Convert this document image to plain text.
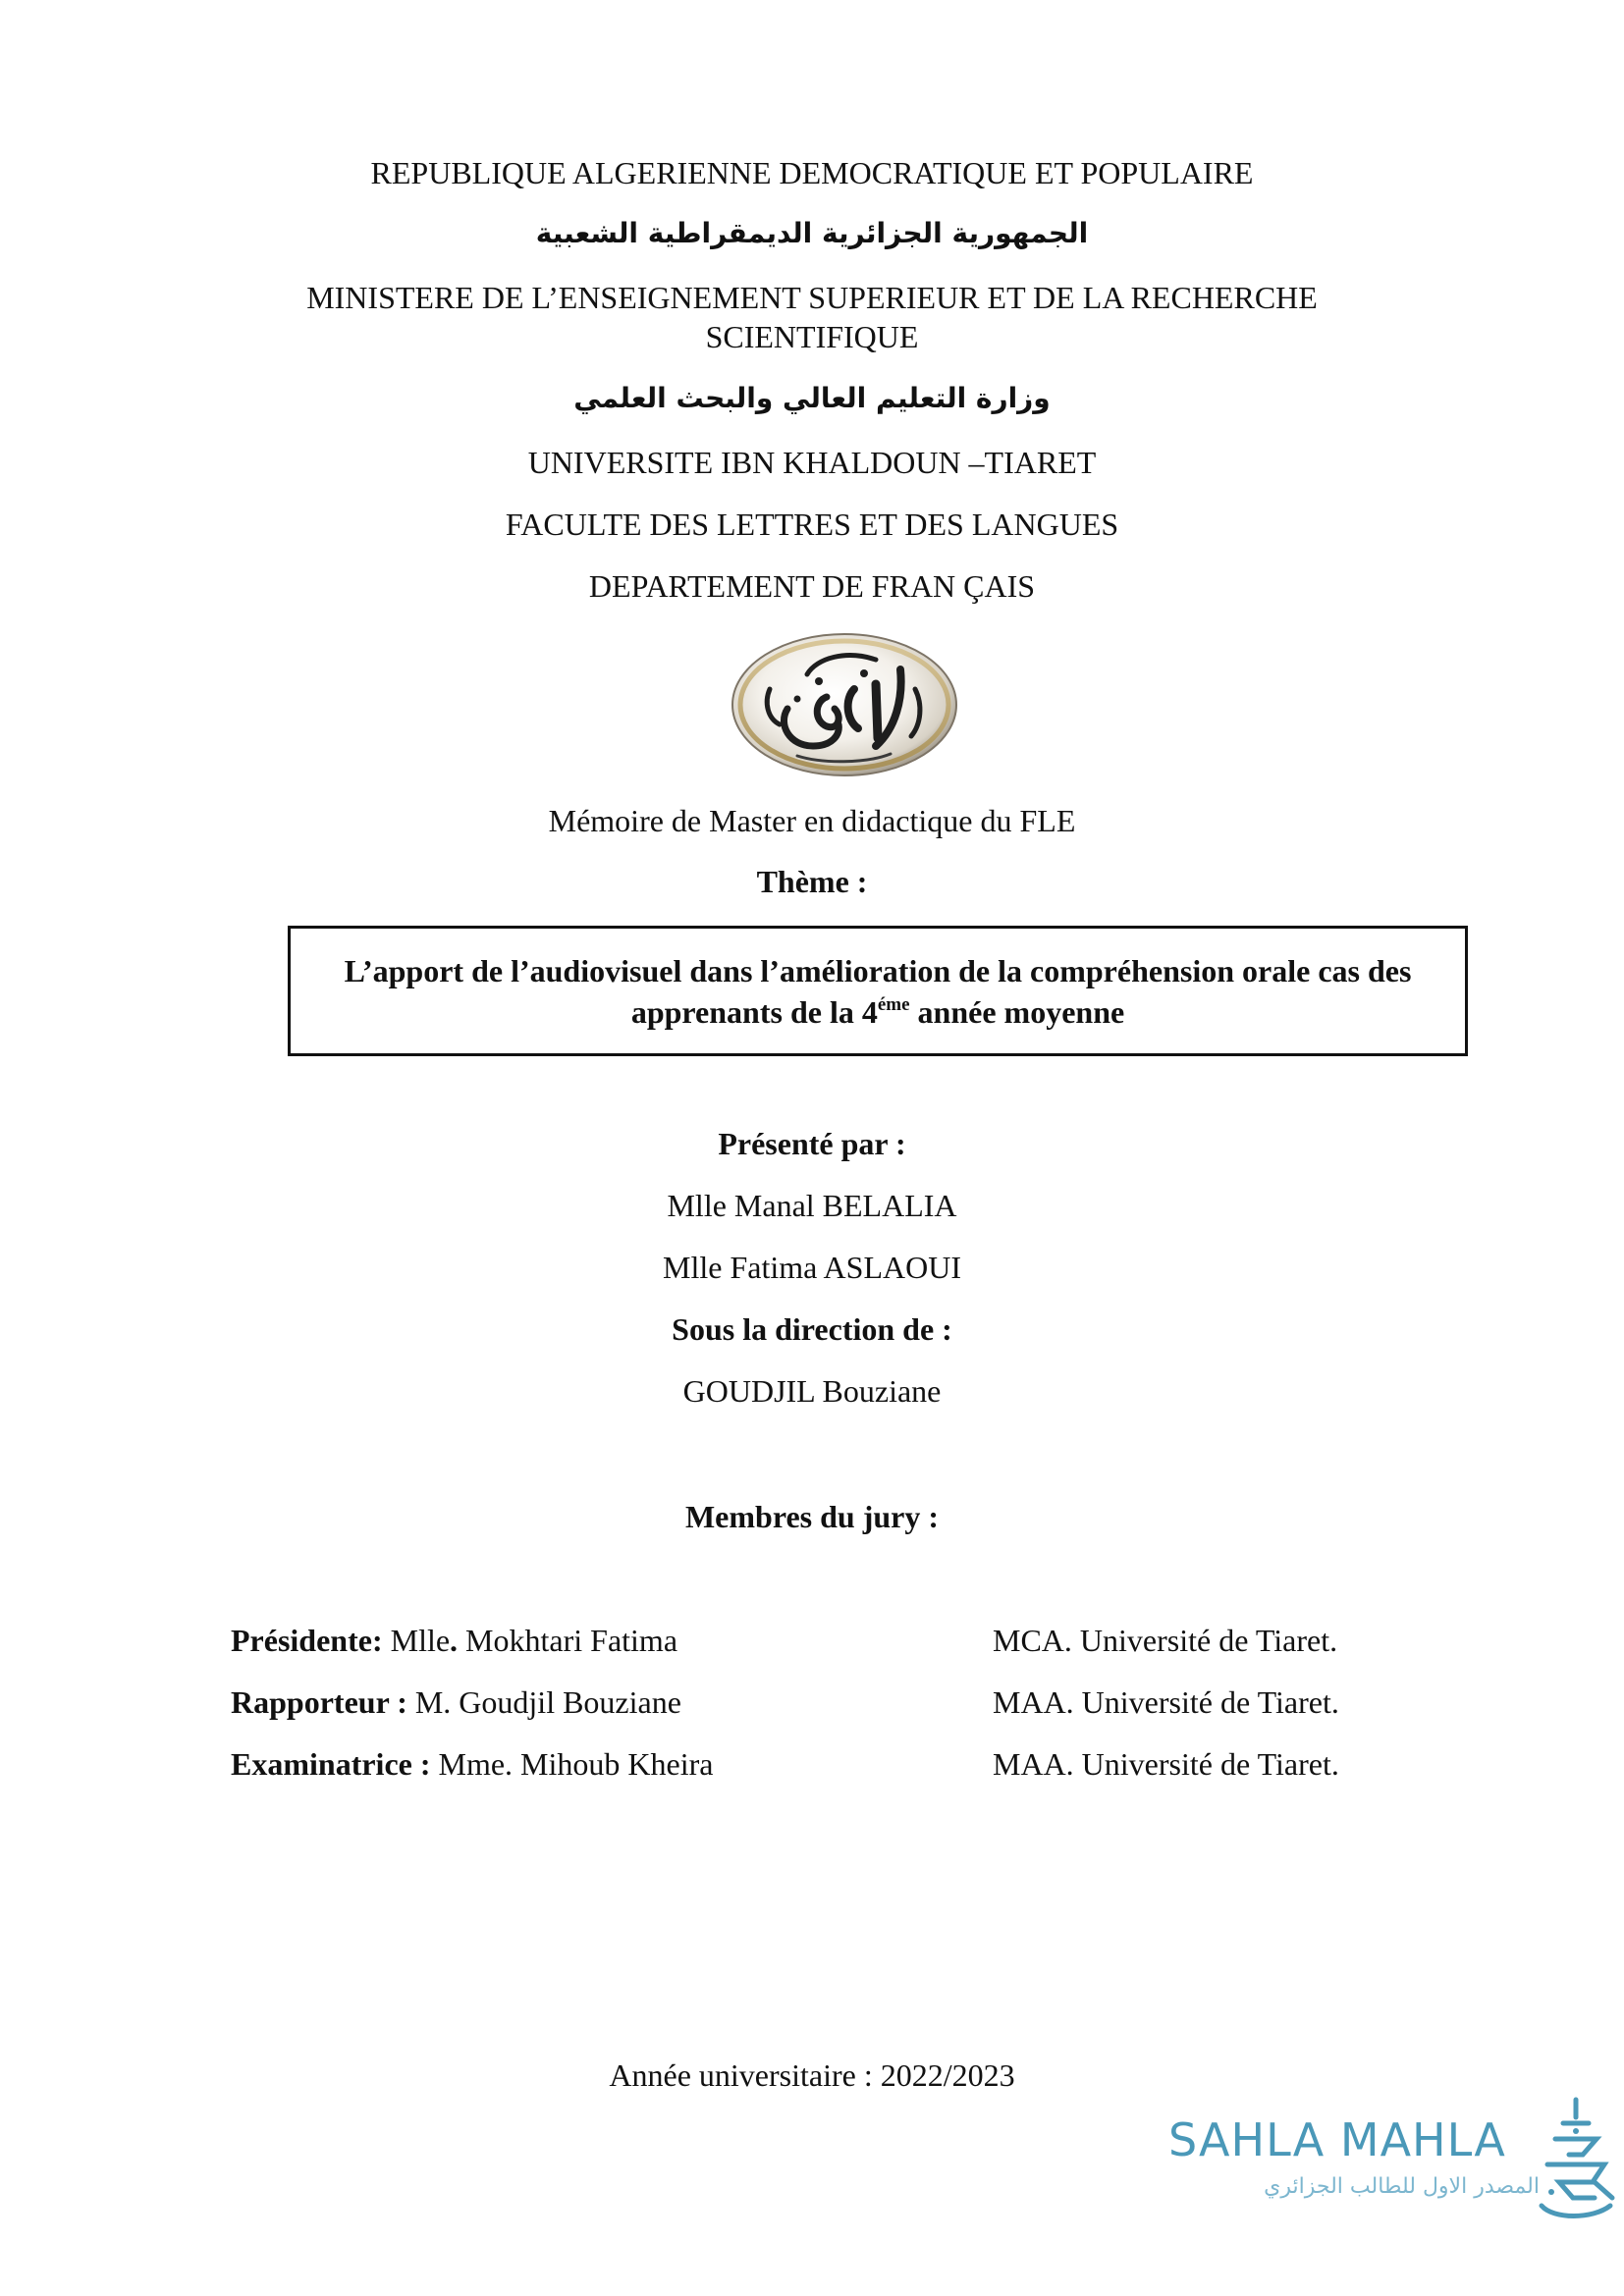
REPUBLIQUE ALGERIENNE DEMOCRATIQUE ET POPULAIRE
الجمهورية الجزائرية الديمقراطية الشعبية
MINISTERE DE L’ENSEIGNEMENT SUPERIEUR ET DE LA RECHERCHE
SCIENTIFIQUE
وزارة التعليم العالي والبحث العلمي
UNIVERSITE IBN KHALDOUN –TIARET
FACULTE DES LETTRES ET DES LANGUES
DEPARTEMENT DE FRAN ÇAIS
Mémoire de Master en didactique du FLE
Thème :
L’apport de l’audiovisuel dans l’amélioration de la compréhension orale cas des
apprenants de la $4^{éme}$ année moyenne
Présenté par :
Mlle Manal BELALIA
Mlle Fatima ASLAOUI
Sous la direction de :
GOUDJIL Bouziane
Membres du jury :
Présidente: Mlle. Mokhtari Fatima	MCA. Université de Tiaret.
Rapporteur : M. Goudjil Bouziane	MAA. Université de Tiaret.
Examinatrice : Mme. Mihoub Kheira	MAA. Université de Tiaret.
Année universitaire : 2022/2023
SAHLA MAHLA
المصدر الاول للطالب الجزائري
